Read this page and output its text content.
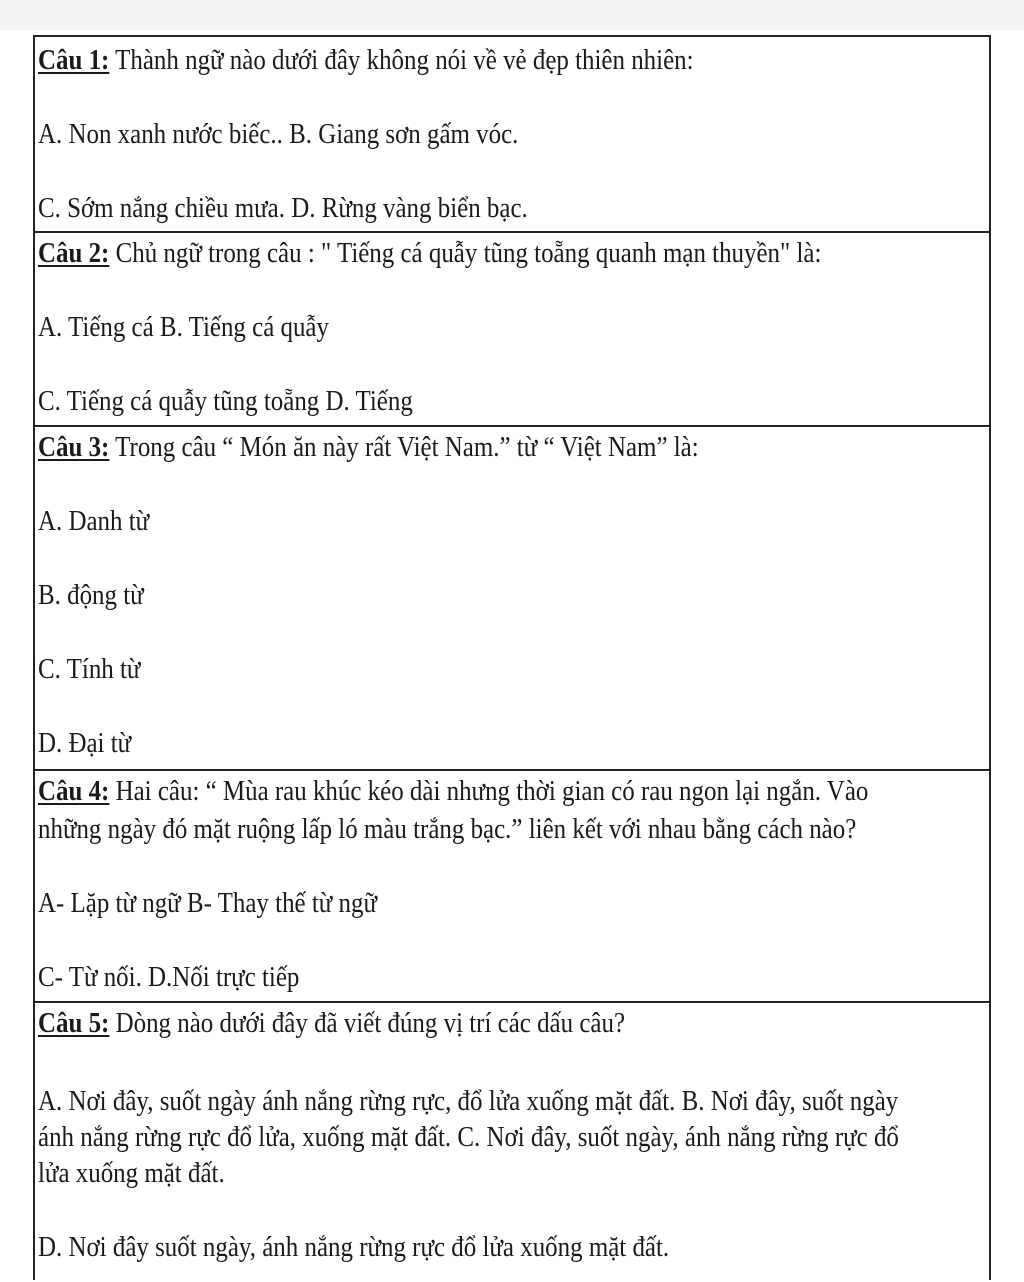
Câu 1: Thành ngữ nào dưới đây không nói về vẻ đẹp thiên nhiên:
A. Non xanh nước biếc.. B. Giang sơn gấm vóc.
C. Sớm nắng chiều mưa. D. Rừng vàng biển bạc.
Câu 2: Chủ ngữ trong câu : " Tiếng cá quẫy tũng toẵng quanh mạn thuyền" là:
A. Tiếng cá B. Tiếng cá quẫy
C. Tiếng cá quẫy tũng toẵng D. Tiếng
Câu 3: Trong câu “ Món ăn này rất Việt Nam.” từ “ Việt Nam” là:
A. Danh từ
B. động từ
C. Tính từ
D. Đại từ
Câu 4: Hai câu: “ Mùa rau khúc kéo dài nhưng thời gian có rau ngon lại ngắn. Vào
những ngày đó mặt ruộng lấp ló màu trắng bạc.” liên kết với nhau bằng cách nào?
A- Lặp từ ngữ B- Thay thế từ ngữ
C- Từ nối. D.Nối trực tiếp
Câu 5: Dòng nào dưới đây đã viết đúng vị trí các dấu câu?
A. Nơi đây, suốt ngày ánh nắng rừng rực, đổ lửa xuống mặt đất. B. Nơi đây, suốt ngày
ánh nắng rừng rực đổ lửa, xuống mặt đất. C. Nơi đây, suốt ngày, ánh nắng rừng rực đổ
lửa xuống mặt đất.
D. Nơi đây suốt ngày, ánh nắng rừng rực đổ lửa xuống mặt đất.
